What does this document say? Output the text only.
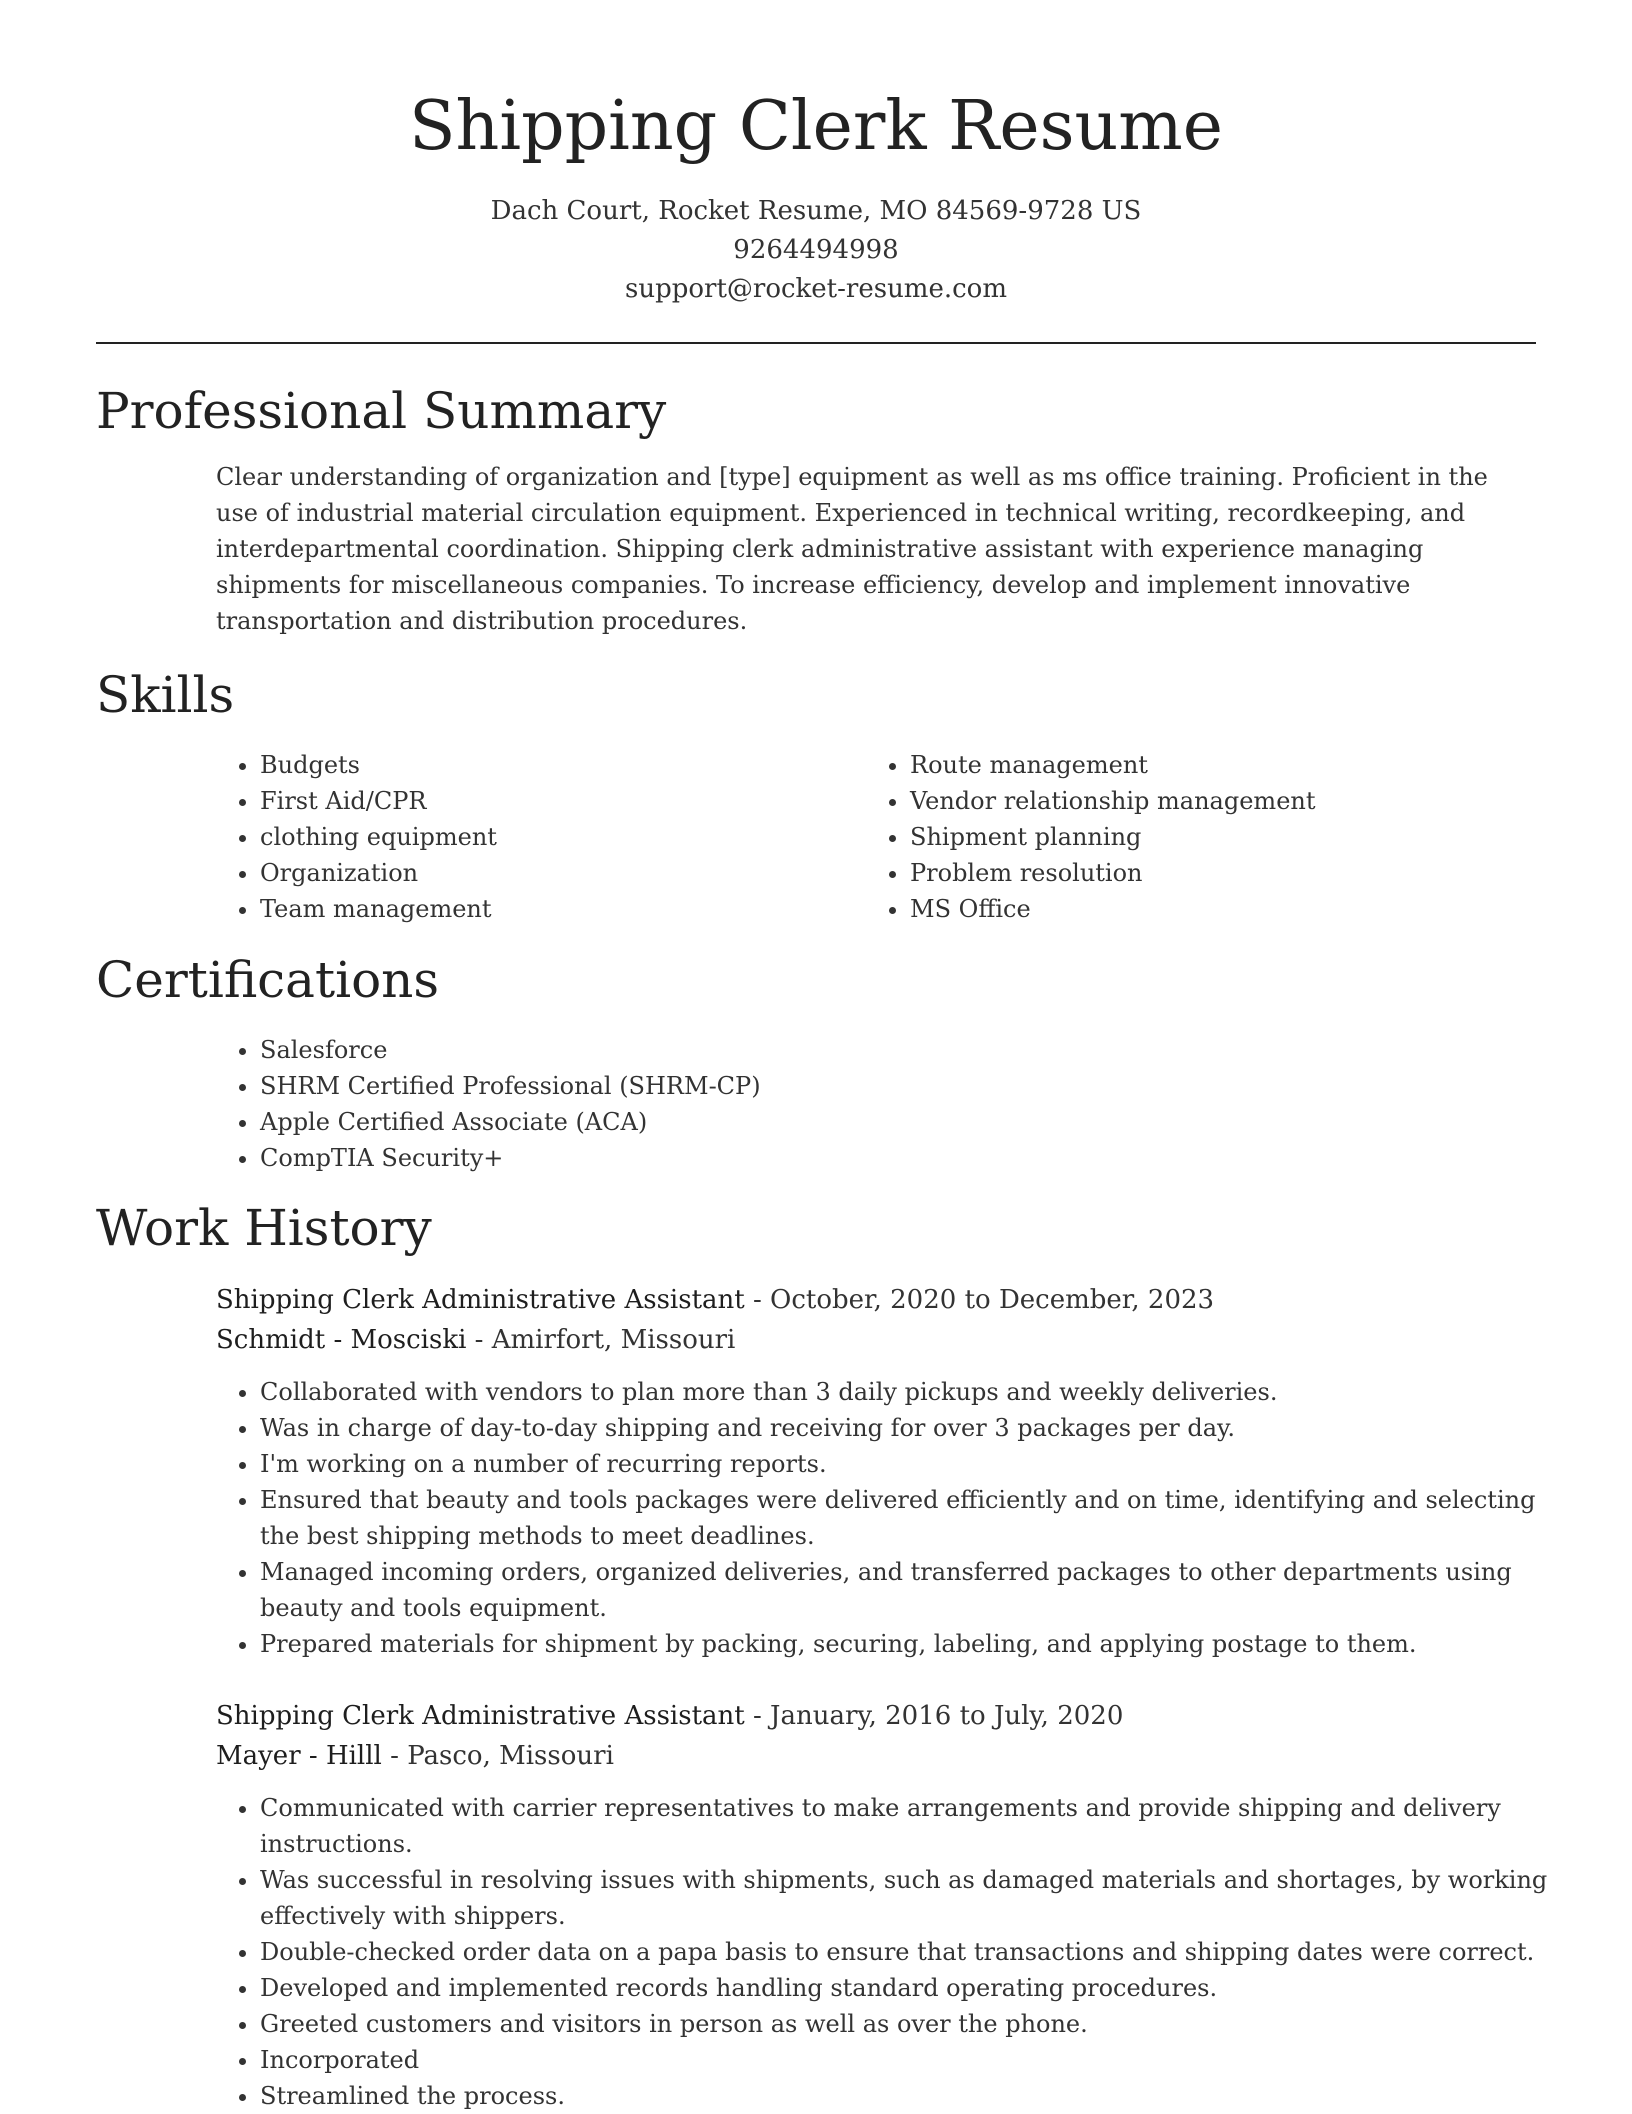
Shipping Clerk Resume
Dach Court, Rocket Resume, MO 84569-9728 US
9264494998
support@rocket-resume.com
Professional Summary
Clear understanding of organization and [type] equipment as well as ms office training. Proficient in the use of industrial material circulation equipment. Experienced in technical writing, recordkeeping, and interdepartmental coordination. Shipping clerk administrative assistant with experience managing shipments for miscellaneous companies. To increase efficiency, develop and implement innovative transportation and distribution procedures.
Skills
• Budgets
• First Aid/CPR
• clothing equipment
• Organization
• Team management
• Route management
• Vendor relationship management
• Shipment planning
• Problem resolution
• MS Office
Certifications
• Salesforce
• SHRM Certified Professional (SHRM-CP)
• Apple Certified Associate (ACA)
• CompTIA Security+
Work History
Shipping Clerk Administrative Assistant - October, 2020 to December, 2023
Schmidt - Mosciski - Amirfort, Missouri
• Collaborated with vendors to plan more than 3 daily pickups and weekly deliveries.
• Was in charge of day-to-day shipping and receiving for over 3 packages per day.
• I'm working on a number of recurring reports.
• Ensured that beauty and tools packages were delivered efficiently and on time, identifying and selecting the best shipping methods to meet deadlines.
• Managed incoming orders, organized deliveries, and transferred packages to other departments using beauty and tools equipment.
• Prepared materials for shipment by packing, securing, labeling, and applying postage to them.
Shipping Clerk Administrative Assistant - January, 2016 to July, 2020
Mayer - Hilll - Pasco, Missouri
• Communicated with carrier representatives to make arrangements and provide shipping and delivery instructions.
• Was successful in resolving issues with shipments, such as damaged materials and shortages, by working effectively with shippers.
• Double-checked order data on a papa basis to ensure that transactions and shipping dates were correct.
• Developed and implemented records handling standard operating procedures.
• Greeted customers and visitors in person as well as over the phone.
• Incorporated
• Streamlined the process.
